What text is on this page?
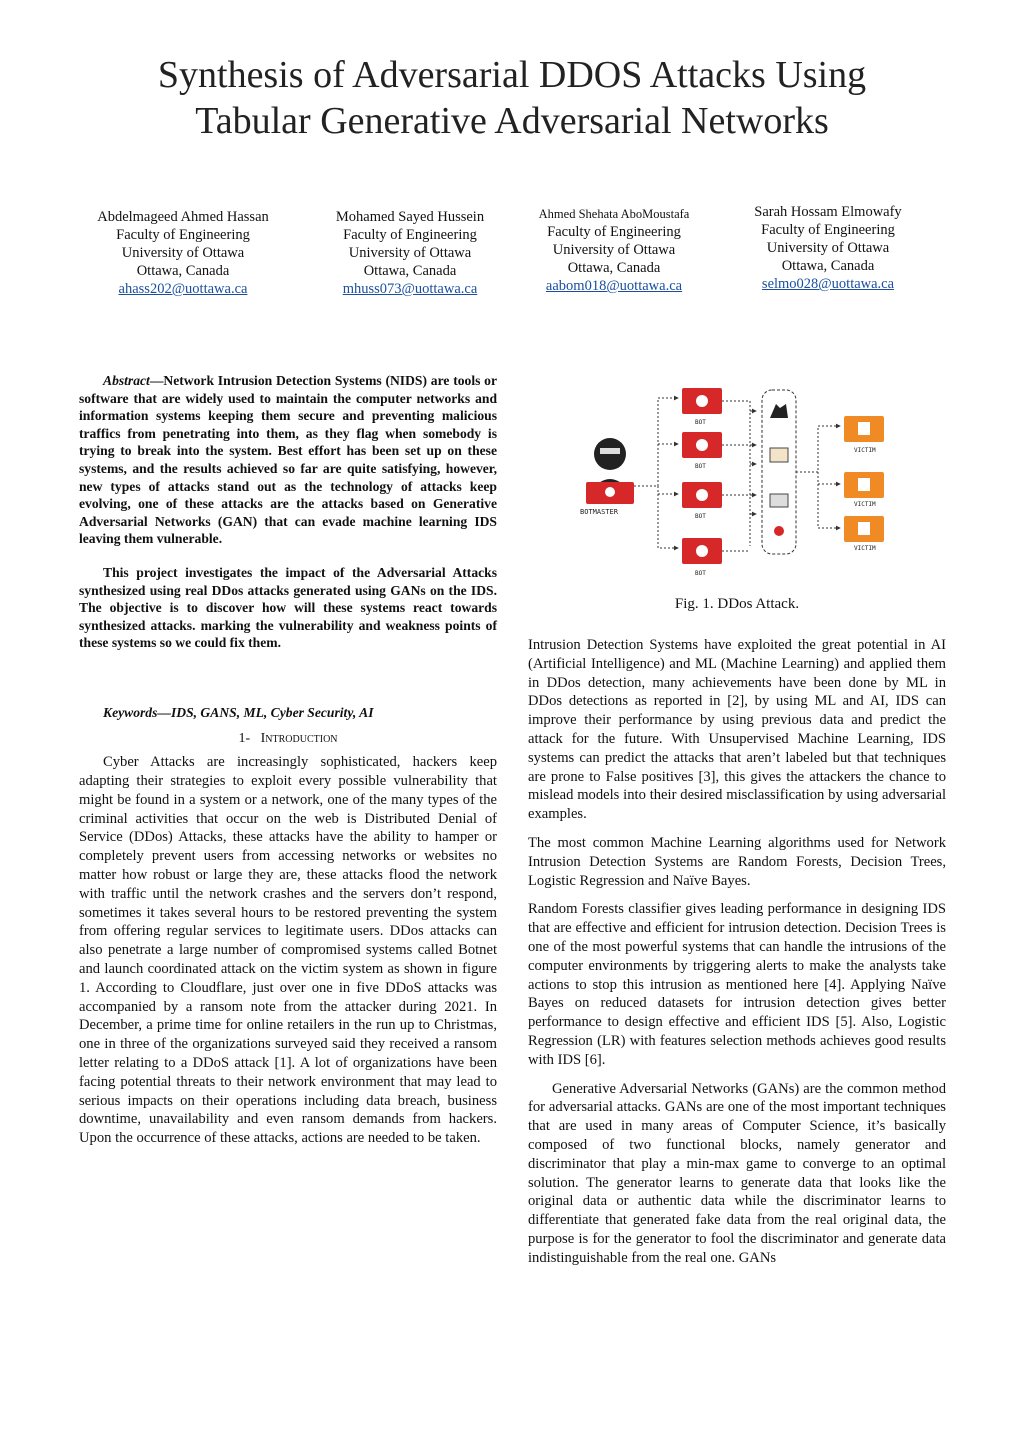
Synthesis of Adversarial DDOS Attacks Using
Tabular Generative Adversarial Networks
Abdelmageed Ahmed Hassan
Faculty of Engineering
University of Ottawa
Ottawa, Canada
ahass202@uottawa.ca
Mohamed Sayed Hussein
Faculty of Engineering
University of Ottawa
Ottawa, Canada
mhuss073@uottawa.ca
Ahmed Shehata AboMoustafa
Faculty of Engineering
University of Ottawa
Ottawa, Canada
aabom018@uottawa.ca
Sarah Hossam Elmowafy
Faculty of Engineering
University of Ottawa
Ottawa, Canada
selmo028@uottawa.ca

Abstract—Network Intrusion Detection Systems (NIDS) are tools or software that are widely used to maintain the computer networks and information systems keeping them secure and preventing malicious traffics from penetrating into them, as they flag when somebody is trying to break into the system. Best effort has been set up on these systems, and the results achieved so far are quite satisfying, however, new types of attacks stand out as the technology of attacks keep evolving, one of these attacks are the attacks based on Generative Adversarial Networks (GAN) that can evade machine learning IDS leaving them vulnerable.

This project investigates the impact of the Adversarial Attacks synthesized using real DDos attacks generated using GANs on the IDS. The objective is to discover how will these systems react towards synthesized attacks. marking the vulnerability and weakness points of these systems so we could fix them.

Keywords—IDS, GANS, ML, Cyber Security, AI

1- Introduction

Cyber Attacks are increasingly sophisticated, hackers keep adapting their strategies to exploit every possible vulnerability that might be found in a system or a network, one of the many types of the criminal activities that occur on the web is Distributed Denial of Service (DDos) Attacks, these attacks have the ability to hamper or completely prevent users from accessing networks or websites no matter how robust or large they are, these attacks flood the network with traffic until the network crashes and the servers don’t respond, sometimes it takes several hours to be restored preventing the system from offering regular services to legitimate users. DDos attacks can also penetrate a large number of compromised systems called Botnet and launch coordinated attack on the victim system as shown in figure 1. According to Cloudflare, just over one in five DDoS attacks was accompanied by a ransom note from the attacker during 2021. In December, a prime time for online retailers in the run up to Christmas, one in three of the organizations surveyed said they received a ransom letter relating to a DDoS attack [1]. A lot of organizations have been facing potential threats to their network environment that may lead to serious impacts on their operations including data breach, business downtime, unavailability and even ransom demands from hackers. Upon the occurrence of these attacks, actions are needed to be taken.

BOTMASTER
BOT
BOT
BOT
BOT
VICTIM
VICTIM
VICTIM
Fig. 1. DDos Attack.

Intrusion Detection Systems have exploited the great potential in AI (Artificial Intelligence) and ML (Machine Learning) and applied them in DDos detection, many achievements have been done by ML in DDos detections as reported in [2], by using ML and AI, IDS can improve their performance by using previous data and predict the attack for the future. With Unsupervised Machine Learning, IDS systems can predict the attacks that aren’t labeled but that techniques are prone to False positives [3], this gives the attackers the chance to mislead models into their desired misclassification by using adversarial examples.

The most common Machine Learning algorithms used for Network Intrusion Detection Systems are Random Forests, Decision Trees, Logistic Regression and Naïve Bayes.

Random Forests classifier gives leading performance in designing IDS that are effective and efficient for intrusion detection. Decision Trees is one of the most powerful systems that can handle the intrusions of the computer environments by triggering alerts to make the analysts take actions to stop this intrusion as mentioned here [4]. Applying Naïve Bayes on reduced datasets for intrusion detection gives better performance to design effective and efficient IDS [5]. Also, Logistic Regression (LR) with features selection methods achieves good results with IDS [6].

Generative Adversarial Networks (GANs) are the common method for adversarial attacks. GANs are one of the most important techniques that are used in many areas of Computer Science, it’s basically composed of two functional blocks, namely generator and discriminator that play a min-max game to converge to an optimal solution. The generator learns to generate data that looks like the original data or authentic data while the discriminator learns to differentiate that generated fake data from the real original data, the purpose is for the generator to fool the discriminator and generate data indistinguishable from the real one. GANs
